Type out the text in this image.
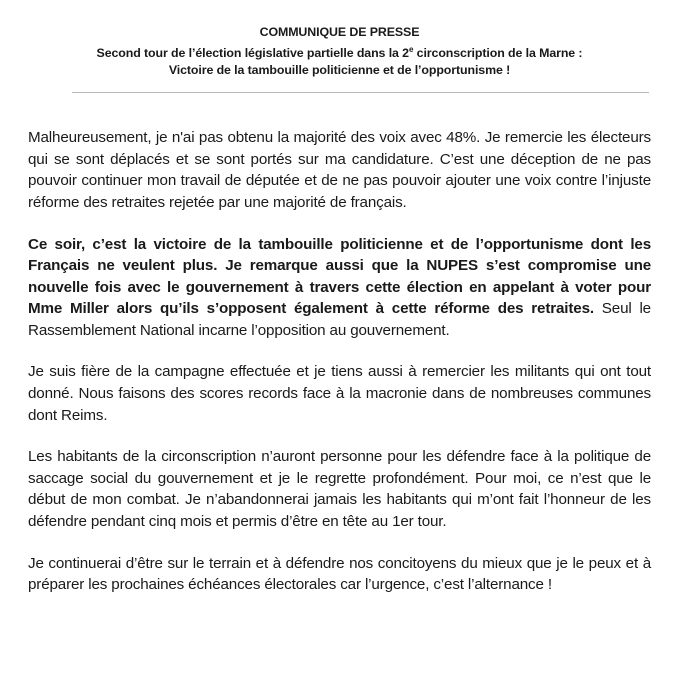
COMMUNIQUE DE PRESSE
Second tour de l’élection législative partielle dans la 2e circonscription de la Marne :
Victoire de la tambouille politicienne et de l’opportunisme !

Malheureusement, je n'ai pas obtenu la majorité des voix avec 48%. Je remercie les électeurs qui se sont déplacés et se sont portés sur ma candidature. C’est une déception de ne pas pouvoir continuer mon travail de députée et de ne pas pouvoir ajouter une voix contre l’injuste réforme des retraites rejetée par une majorité de français.

Ce soir, c’est la victoire de la tambouille politicienne et de l’opportunisme dont les Français ne veulent plus. Je remarque aussi que la NUPES s’est compromise une nouvelle fois avec le gouvernement à travers cette élection en appelant à voter pour Mme Miller alors qu’ils s’opposent également à cette réforme des retraites. Seul le Rassemblement National incarne l’opposition au gouvernement.

Je suis fière de la campagne effectuée et je tiens aussi à remercier les militants qui ont tout donné. Nous faisons des scores records face à la macronie dans de nombreuses communes dont Reims.

Les habitants de la circonscription n’auront personne pour les défendre face à la politique de saccage social du gouvernement et je le regrette profondément. Pour moi, ce n’est que le début de mon combat. Je n’abandonnerai jamais les habitants qui m’ont fait l’honneur de les défendre pendant cinq mois et permis d’être en tête au 1er tour.

Je continuerai d’être sur le terrain et à défendre nos concitoyens du mieux que je le peux et à préparer les prochaines échéances électorales car l’urgence, c’est l’alternance !
